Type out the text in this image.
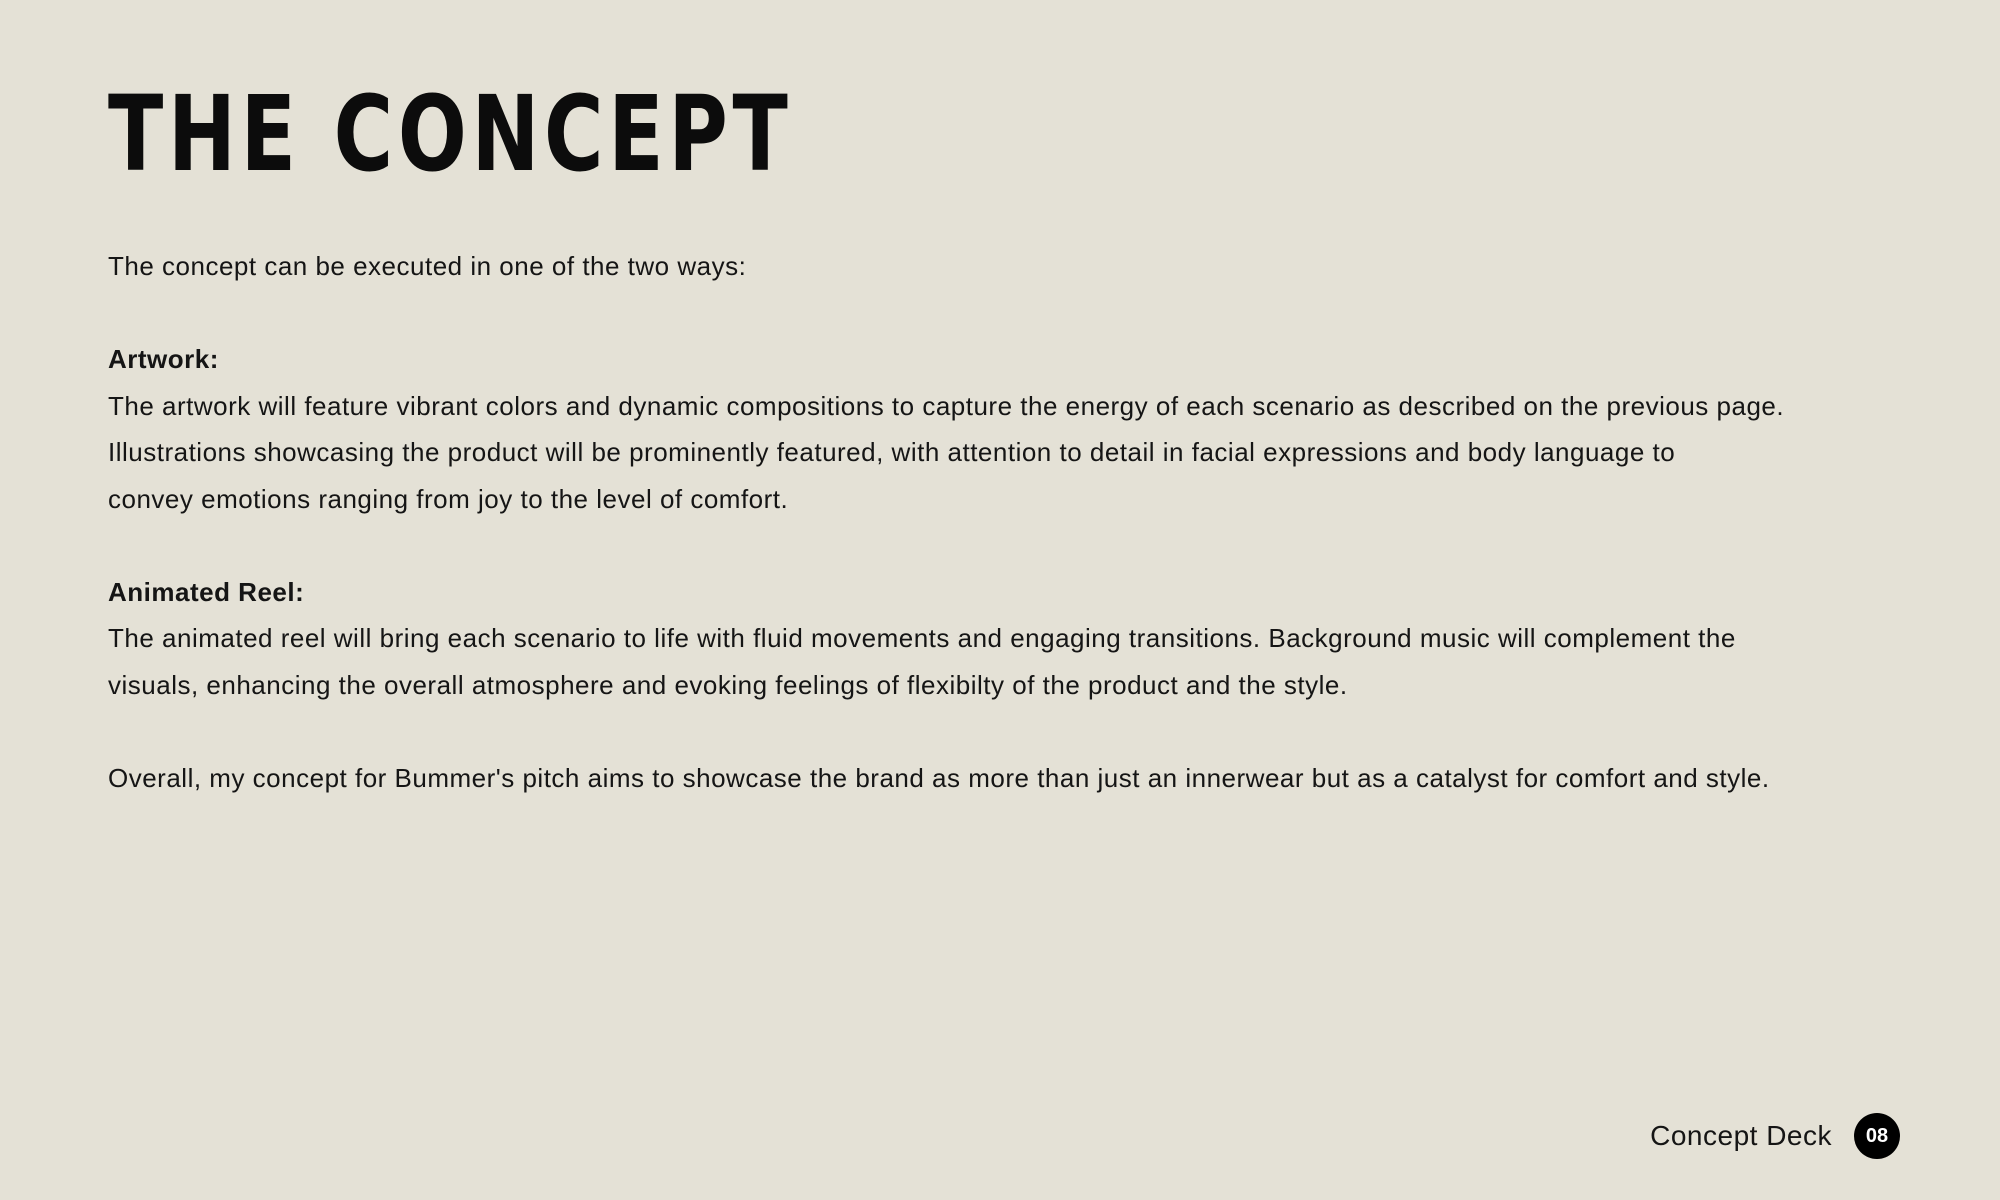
THE CONCEPT

The concept can be executed in one of the two ways:

Artwork:

The artwork will feature vibrant colors and dynamic compositions to capture the energy of each scenario as described on the previous page.

Illustrations showcasing the product will be prominently featured, with attention to detail in facial expressions and body language to

convey emotions ranging from joy to the level of comfort.

Animated Reel:

The animated reel will bring each scenario to life with fluid movements and engaging transitions. Background music will complement the

visuals, enhancing the overall atmosphere and evoking feelings of flexibilty of the product and the style.

Overall, my concept for Bummer's pitch aims to showcase the brand as more than just an innerwear but as a catalyst for comfort and style.

Concept Deck	08
